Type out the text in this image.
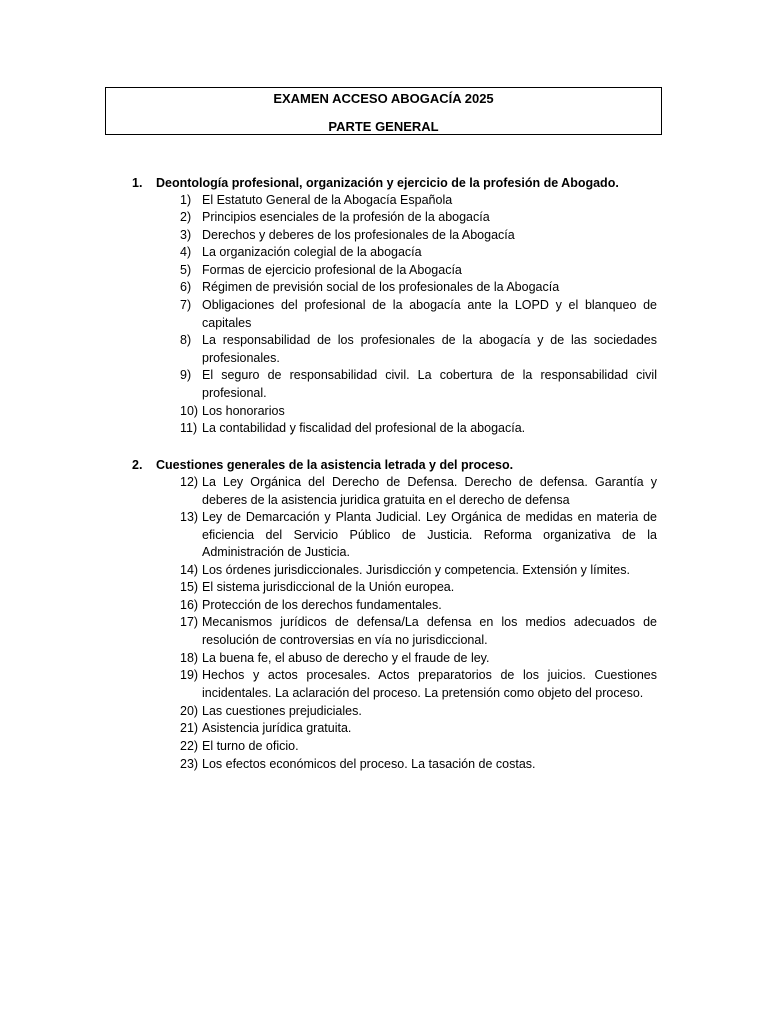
EXAMEN ACCESO ABOGACÍA 2025
PARTE GENERAL
1. Deontología profesional, organización y ejercicio de la profesión de Abogado.
1) El Estatuto General de la Abogacía Española
2) Principios esenciales de la profesión de la abogacía
3) Derechos y deberes de los profesionales de la Abogacía
4) La organización colegial de la abogacía
5) Formas de ejercicio profesional de la Abogacía
6) Régimen de previsión social de los profesionales de la Abogacía
7) Obligaciones del profesional de la abogacía ante la LOPD y el blanqueo de capitales
8) La responsabilidad de los profesionales de la abogacía y de las sociedades profesionales.
9) El seguro de responsabilidad civil. La cobertura de la responsabilidad civil profesional.
10) Los honorarios
11) La contabilidad y fiscalidad del profesional de la abogacía.
2. Cuestiones generales de la asistencia letrada y del proceso.
12) La Ley Orgánica del Derecho de Defensa. Derecho de defensa. Garantía y deberes de la asistencia juridica gratuita en el derecho de defensa
13) Ley de Demarcación y Planta Judicial. Ley Orgánica de medidas en materia de eficiencia del Servicio Público de Justicia. Reforma organizativa de la Administración de Justicia.
14) Los órdenes jurisdiccionales. Jurisdicción y competencia. Extensión y límites.
15) El sistema jurisdiccional de la Unión europea.
16) Protección de los derechos fundamentales.
17) Mecanismos jurídicos de defensa/La defensa en los medios adecuados de resolución de controversias en vía no jurisdiccional.
18) La buena fe, el abuso de derecho y el fraude de ley.
19) Hechos y actos procesales. Actos preparatorios de los juicios. Cuestiones incidentales. La aclaración del proceso. La pretensión como objeto del proceso.
20) Las cuestiones prejudiciales.
21) Asistencia jurídica gratuita.
22) El turno de oficio.
23) Los efectos económicos del proceso. La tasación de costas.
